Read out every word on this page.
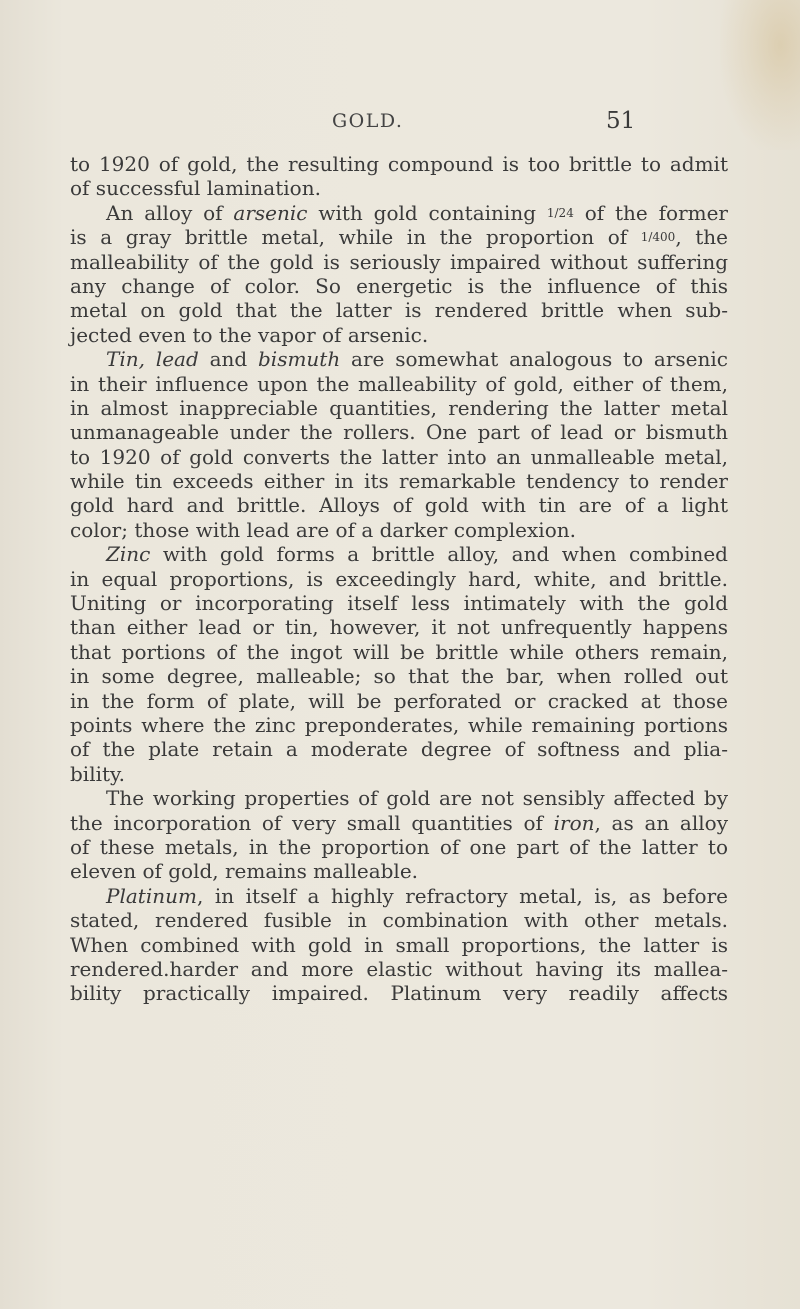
GOLD.	51
to 1920 of gold, the resulting compound is too brittle to admit
of successful lamination.
An alloy of arsenic with gold containing 1/24 of the former
is a gray brittle metal, while in the proportion of 1/400, the
malleability of the gold is seriously impaired without suffering
any change of color. So energetic is the influence of this
metal on gold that the latter is rendered brittle when sub-
jected even to the vapor of arsenic.
Tin, lead and bismuth are somewhat analogous to arsenic
in their influence upon the malleability of gold, either of them,
in almost inappreciable quantities, rendering the latter metal
unmanageable under the rollers. One part of lead or bismuth
to 1920 of gold converts the latter into an unmalleable metal,
while tin exceeds either in its remarkable tendency to render
gold hard and brittle. Alloys of gold with tin are of a light
color; those with lead are of a darker complexion.
Zinc with gold forms a brittle alloy, and when combined
in equal proportions, is exceedingly hard, white, and brittle.
Uniting or incorporating itself less intimately with the gold
than either lead or tin, however, it not unfrequently happens
that portions of the ingot will be brittle while others remain,
in some degree, malleable; so that the bar, when rolled out
in the form of plate, will be perforated or cracked at those
points where the zinc preponderates, while remaining portions
of the plate retain a moderate degree of softness and plia-
bility.
The working properties of gold are not sensibly affected by
the incorporation of very small quantities of iron, as an alloy
of these metals, in the proportion of one part of the latter to
eleven of gold, remains malleable.
Platinum, in itself a highly refractory metal, is, as before
stated, rendered fusible in combination with other metals.
When combined with gold in small proportions, the latter is
rendered.harder and more elastic without having its mallea-
bility practically impaired. Platinum very readily affects
